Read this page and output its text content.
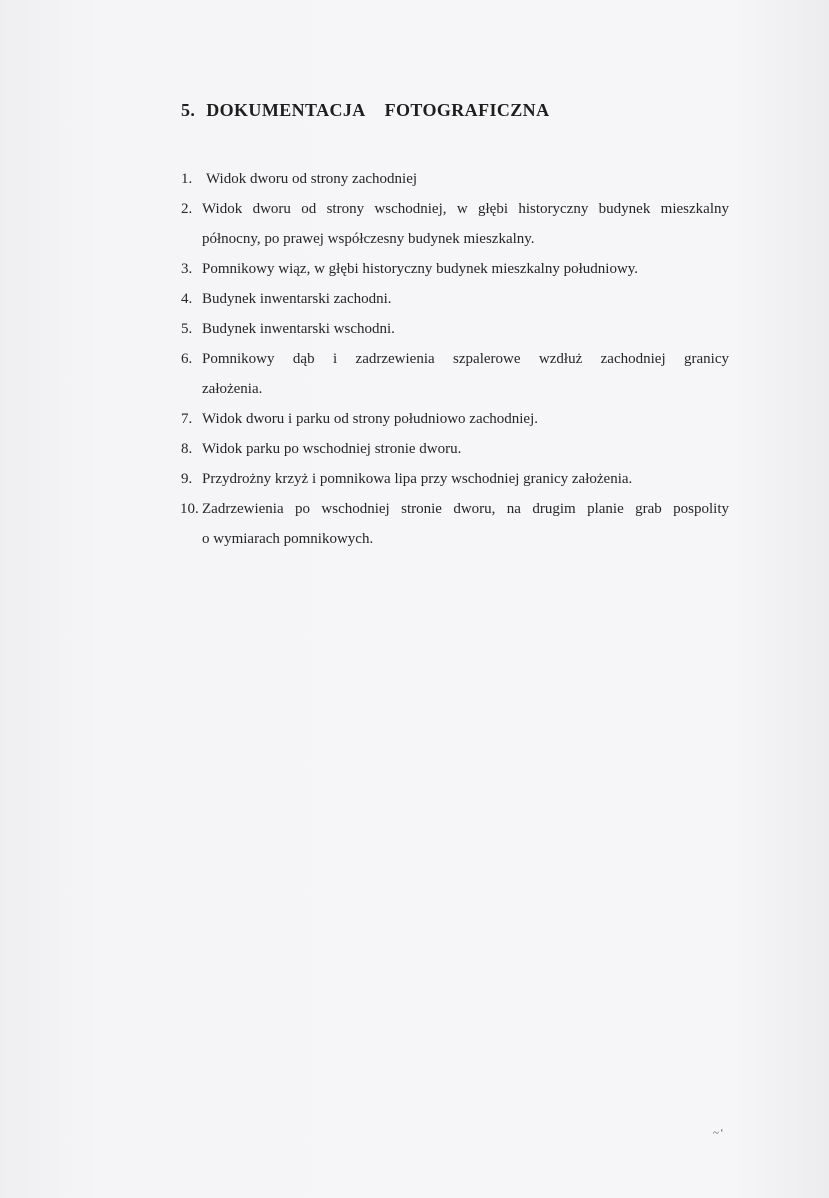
5. DOKUMENTACJA FOTOGRAFICZNA
1. Widok dworu od strony zachodniej
2. Widok dworu od strony wschodniej, w głębi historyczny budynek mieszkalny
północny, po prawej współczesny budynek mieszkalny.
3. Pomnikowy wiąz, w głębi historyczny budynek mieszkalny południowy.
4. Budynek inwentarski zachodni.
5. Budynek inwentarski wschodni.
6. Pomnikowy dąb i zadrzewienia szpalerowe wzdłuż zachodniej granicy
założenia.
7. Widok dworu i parku od strony południowo zachodniej.
8. Widok parku po wschodniej stronie dworu.
9. Przydrożny krzyż i pomnikowa lipa przy wschodniej granicy założenia.
10. Zadrzewienia po wschodniej stronie dworu, na drugim planie grab pospolity
o wymiarach pomnikowych.
~ʻ
